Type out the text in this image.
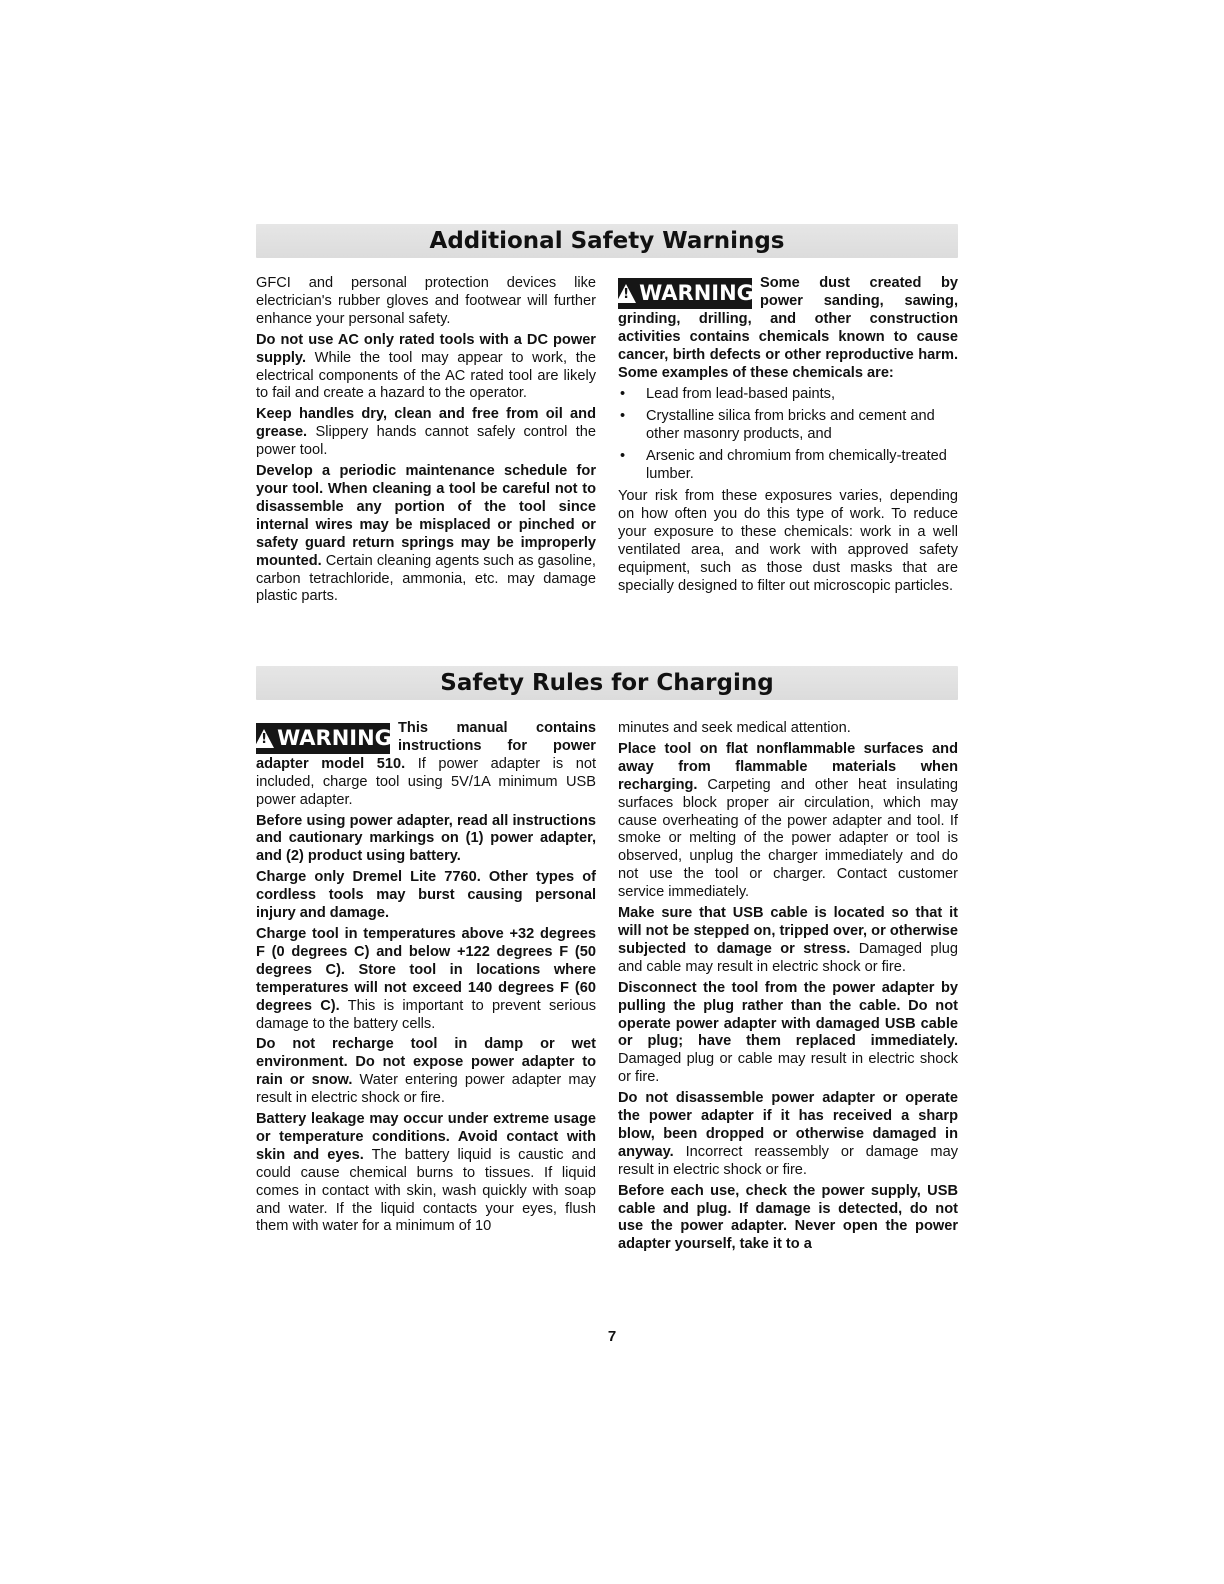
Additional Safety Warnings

GFCI and personal protection devices like electrician's rubber gloves and footwear will further enhance your personal safety.

Do not use AC only rated tools with a DC power supply. While the tool may appear to work, the electrical components of the AC rated tool are likely to fail and create a hazard to the operator.

Keep handles dry, clean and free from oil and grease. Slippery hands cannot safely control the power tool.

Develop a periodic maintenance schedule for your tool. When cleaning a tool be careful not to disassemble any portion of the tool since internal wires may be misplaced or pinched or safety guard return springs may be improperly mounted. Certain cleaning agents such as gasoline, carbon tetrachloride, ammonia, etc. may damage plastic parts.

!
WARNING Some dust created by power sanding, sawing, grinding, drilling, and other construction activities contains chemicals known to cause cancer, birth defects or other reproductive harm. Some examples of these chemicals are:

• Lead from lead-based paints,
• Crystalline silica from bricks and cement and other masonry products, and
• Arsenic and chromium from chemically-treated lumber.

Your risk from these exposures varies, depending on how often you do this type of work. To reduce your exposure to these chemicals: work in a well ventilated area, and work with approved safety equipment, such as those dust masks that are specially designed to filter out microscopic particles.

Safety Rules for Charging

!
WARNING This manual contains instructions for power adapter model 510. If power adapter is not included, charge tool using 5V/1A minimum USB power adapter.

Before using power adapter, read all instructions and cautionary markings on (1) power adapter, and (2) product using battery.

Charge only Dremel Lite 7760. Other types of cordless tools may burst causing personal injury and damage.

Charge tool in temperatures above +32 degrees F (0 degrees C) and below +122 degrees F (50 degrees C). Store tool in locations where temperatures will not exceed 140 degrees F (60 degrees C). This is important to prevent serious damage to the battery cells.

Do not recharge tool in damp or wet environment. Do not expose power adapter to rain or snow. Water entering power adapter may result in electric shock or fire.

Battery leakage may occur under extreme usage or temperature conditions. Avoid contact with skin and eyes. The battery liquid is caustic and could cause chemical burns to tissues. If liquid comes in contact with skin, wash quickly with soap and water. If the liquid contacts your eyes, flush them with water for a minimum of 10

minutes and seek medical attention.

Place tool on flat nonflammable surfaces and away from flammable materials when recharging. Carpeting and other heat insulating surfaces block proper air circulation, which may cause overheating of the power adapter and tool. If smoke or melting of the power adapter or tool is observed, unplug the charger immediately and do not use the tool or charger. Contact customer service immediately.

Make sure that USB cable is located so that it will not be stepped on, tripped over, or otherwise subjected to damage or stress. Damaged plug and cable may result in electric shock or fire.

Disconnect the tool from the power adapter by pulling the plug rather than the cable. Do not operate power adapter with damaged USB cable or plug; have them replaced immediately. Damaged plug or cable may result in electric shock or fire.

Do not disassemble power adapter or operate the power adapter if it has received a sharp blow, been dropped or otherwise damaged in anyway. Incorrect reassembly or damage may result in electric shock or fire.

Before each use, check the power supply, USB cable and plug. If damage is detected, do not use the power adapter. Never open the power adapter yourself, take it to a

7
